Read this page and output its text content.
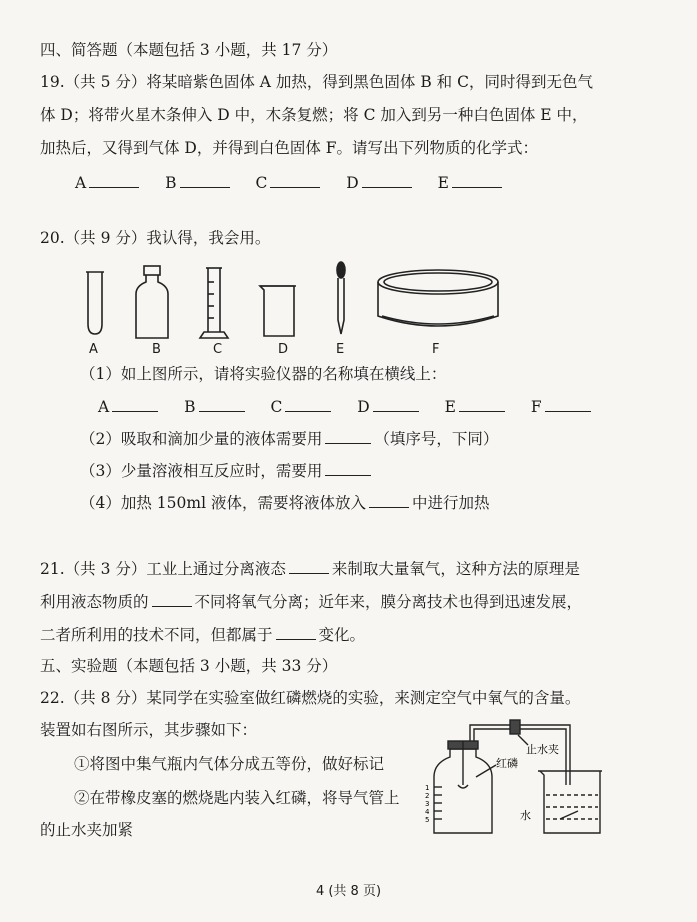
四、简答题（本题包括 3 小题，共 17 分）
19.（共 5 分）将某暗紫色固体 A 加热，得到黑色固体 B 和 C，同时得到无色气
体 D；将带火星木条伸入 D 中，木条复燃；将 C 加入到另一种白色固体 E 中，
加热后，又得到气体 D，并得到白色固体 F。请写出下列物质的化学式：
A	B	C	D	E
20.（共 9 分）我认得，我会用。
A	B	C	D	E	F
（1）如上图所示，请将实验仪器的名称填在横线上：
A	B	C	D	E	F
（2）吸取和滴加少量的液体需要用	（填序号，下同）
（3）少量溶液相互反应时，需要用
（4）加热 150ml 液体，需要将液体放入	中进行加热
21.（共 3 分）工业上通过分离液态	来制取大量氧气，这种方法的原理是
利用液态物质的	不同将氧气分离；近年来，膜分离技术也得到迅速发展，
二者所利用的技术不同，但都属于	变化。
五、实验题（本题包括 3 小题，共 33 分）
22.（共 8 分）某同学在实验室做红磷燃烧的实验，来测定空气中氧气的含量。
装置如右图所示，其步骤如下：
①将图中集气瓶内气体分成五等份，做好标记
②在带橡皮塞的燃烧匙内装入红磷，将导气管上
的止水夹加紧
止水夹
红磷
水
1
2
3
4
5
4 (共 8 页)
